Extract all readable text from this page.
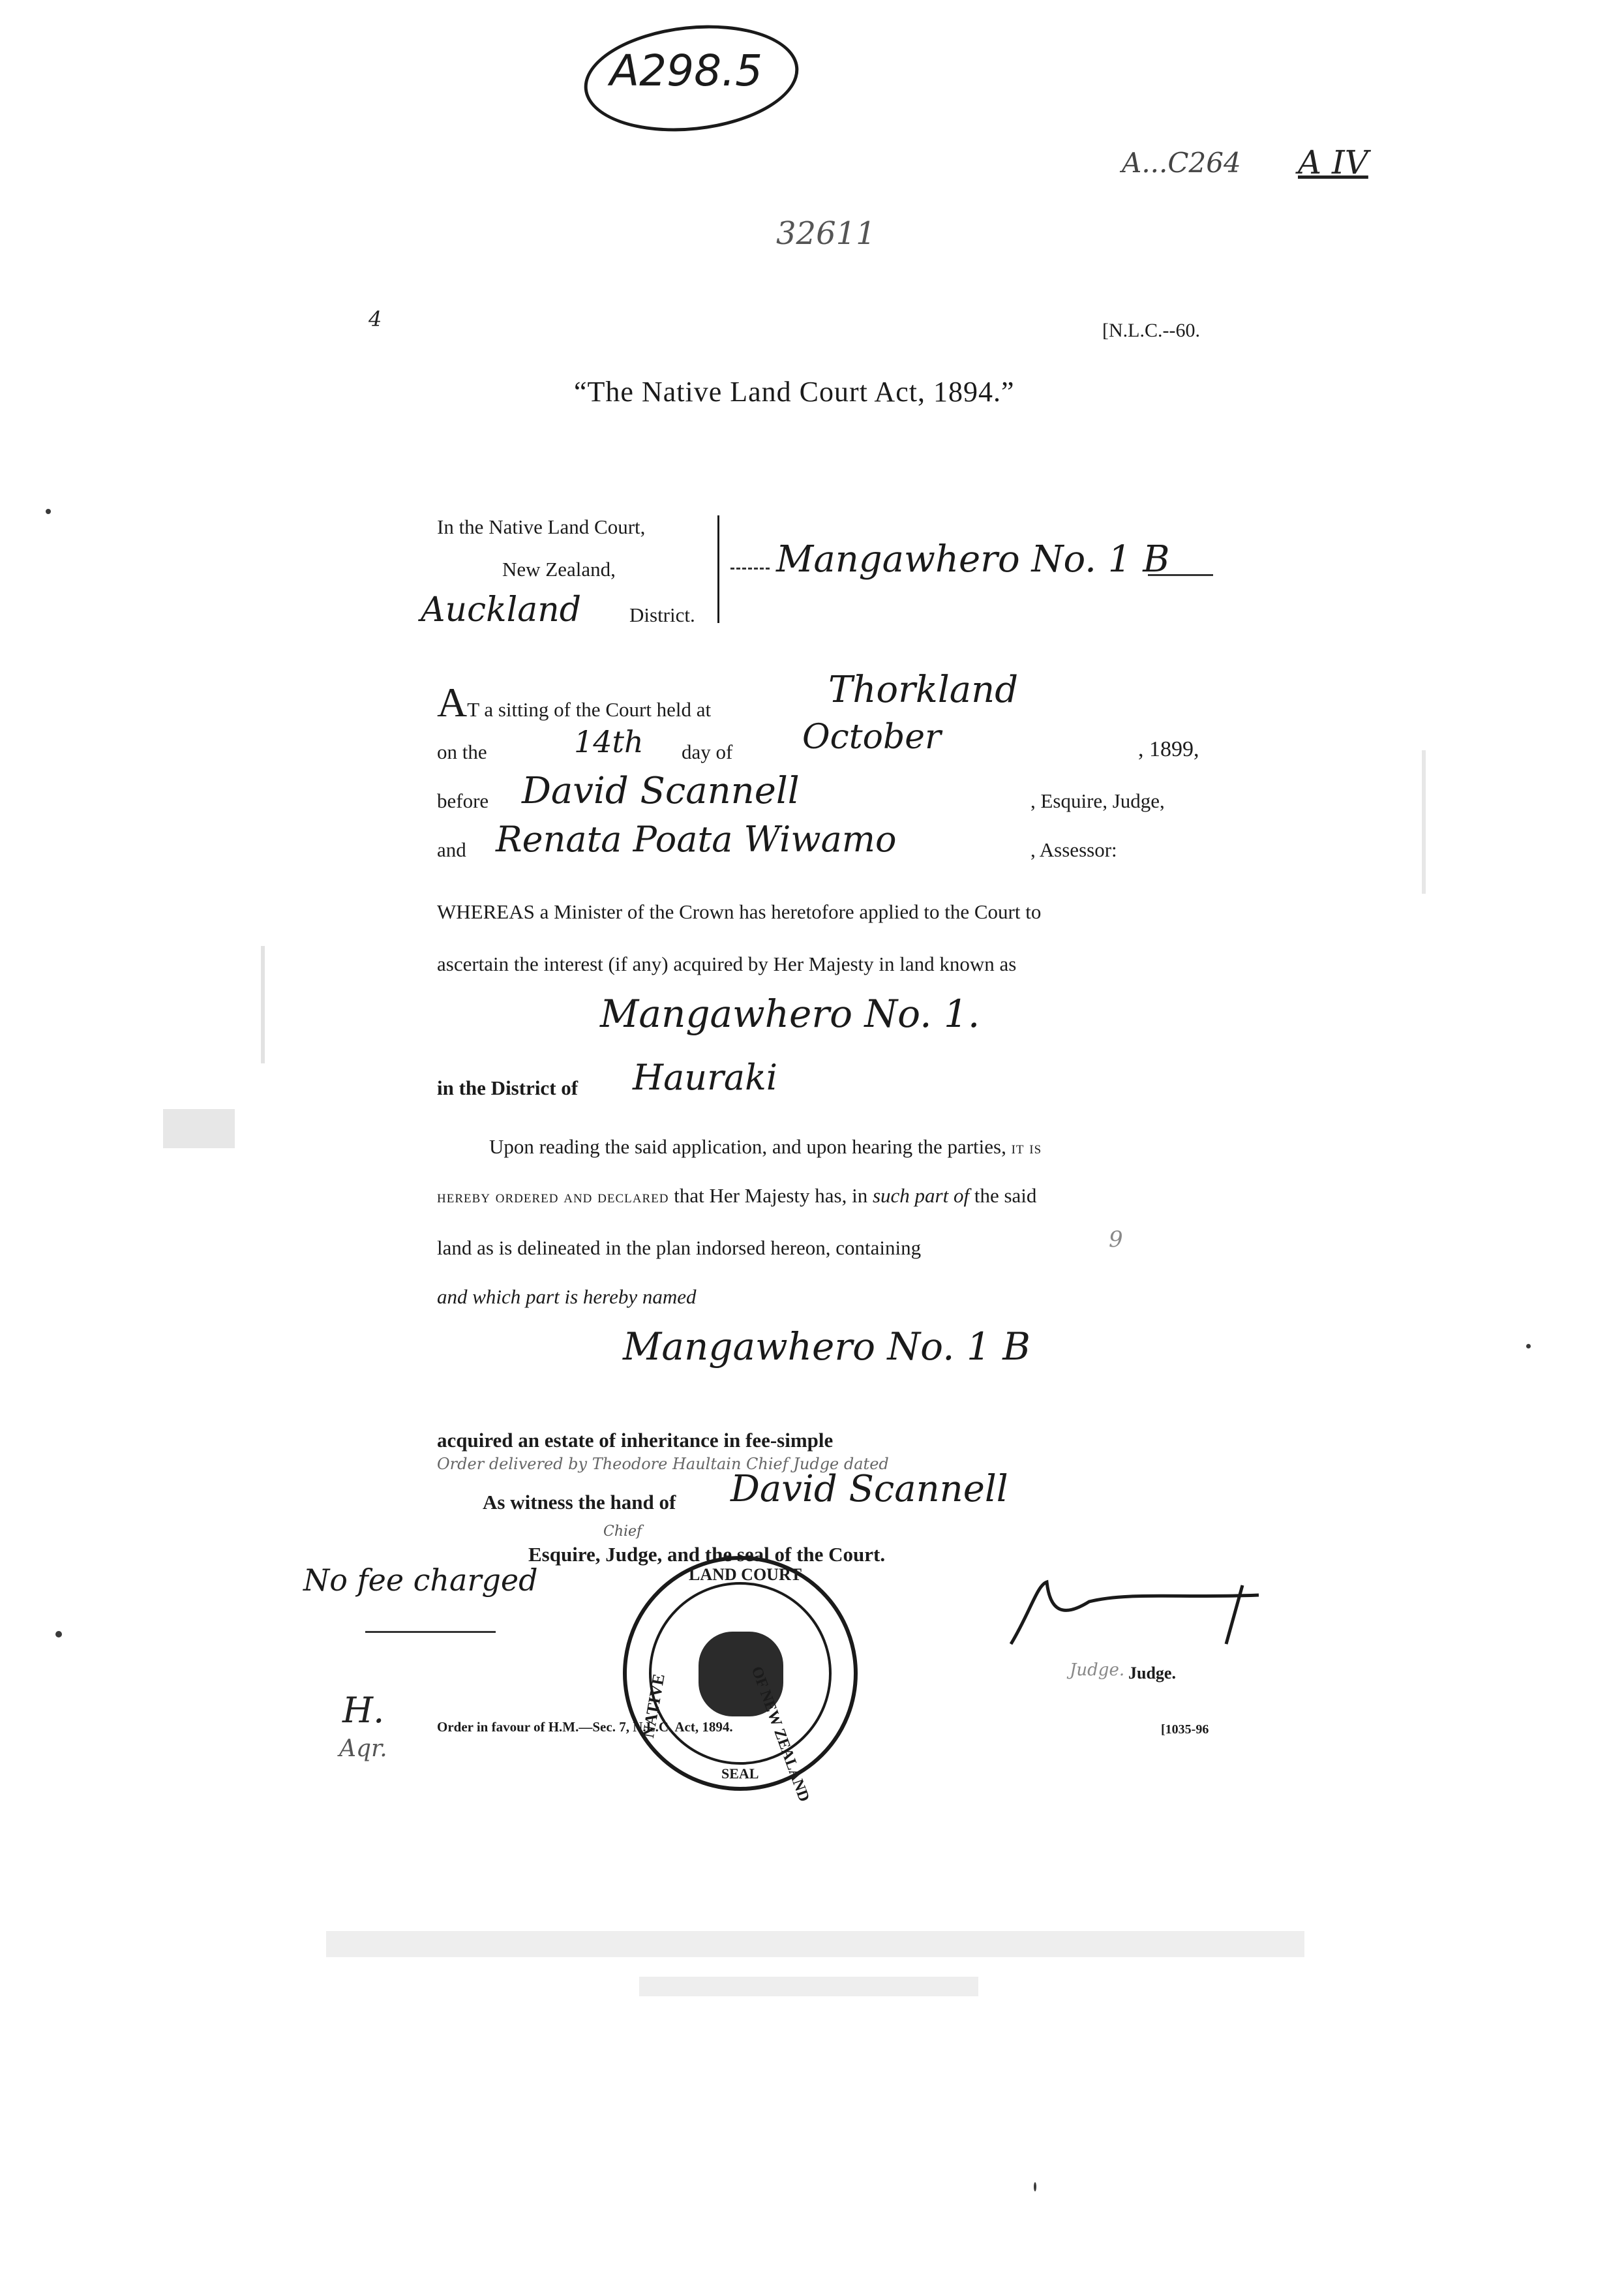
A298.5
A...C264 A IV
32611
4	[N.L.C.--60.
“The Native Land Court Act, 1894.”
In the Native Land Court,
New Zealand,
Auckland District.
Mangawhero No. 1 B
AT a sitting of the Court held at	Thorkland
on the	14th day of October	, 1899,
before David Scannell	, Esquire, Judge,
and Renata Poata Wiwamo	, Assessor:
WHEREAS a Minister of the Crown has heretofore applied to the Court to
ascertain the interest (if any) acquired by Her Majesty in land known as
Mangawhero No. 1.
in the District of Hauraki
Upon reading the said application, and upon hearing the parties, it is
hereby ordered and declared that Her Majesty has, in such part of the said
land as is delineated in the plan indorsed hereon, containing	9
and which part is hereby named
Mangawhero No. 1 B
acquired an estate of inheritance in fee-simple
Order delivered by Theodore Haultain Chief Judge dated
As witness the hand of David Scannell
Chief
Esquire, Judge, and the seal of the Court.
No fee charged
H.
Aqr.
LAND COURT
OF NEW ZEALAND
NATIVE
SEAL
Judge. Judge.
Order in favour of H.M.—Sec. 7, N.L.C. Act, 1894.	[1035-96
